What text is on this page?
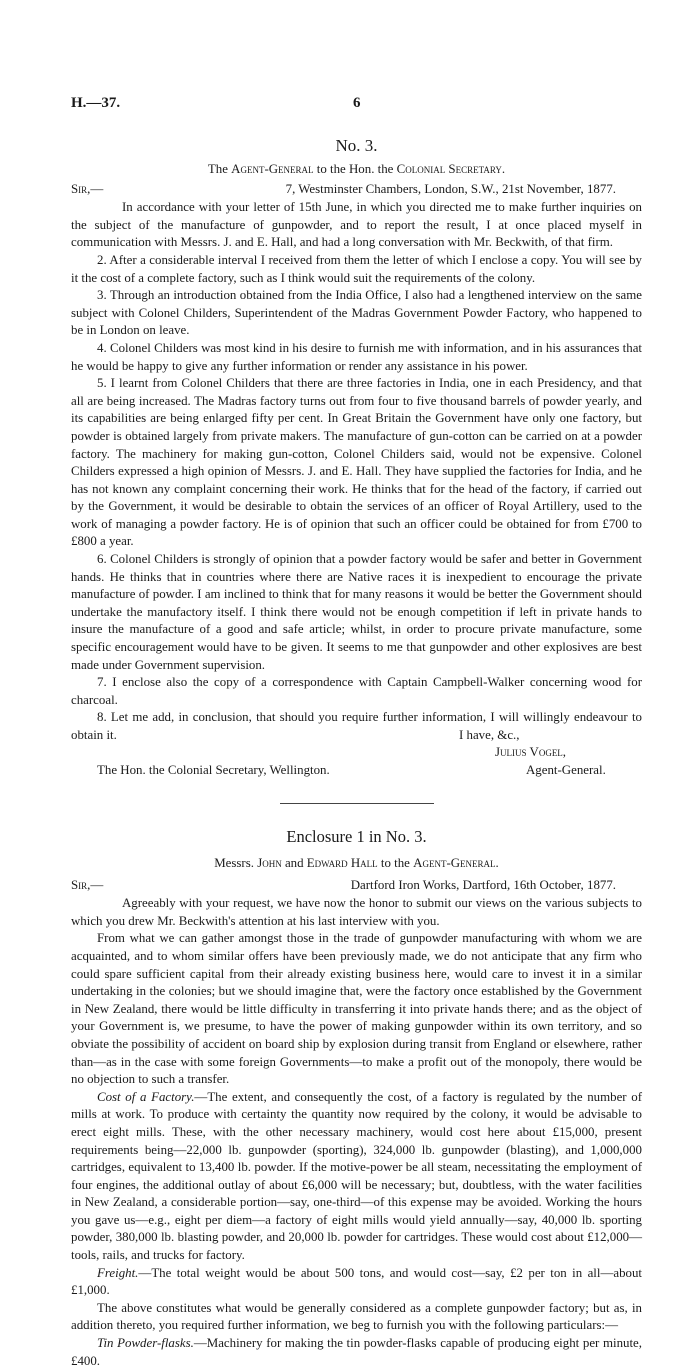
H.—37.	6
No. 3.
The Agent-General to the Hon. the Colonial Secretary.
Sir,—	7, Westminster Chambers, London, S.W., 21st November, 1877.

In accordance with your letter of 15th June, in which you directed me to make further inquiries on the subject of the manufacture of gunpowder, and to report the result, I at once placed myself in communication with Messrs. J. and E. Hall, and had a long conversation with Mr. Beckwith, of that firm.

2. After a considerable interval I received from them the letter of which I enclose a copy. You will see by it the cost of a complete factory, such as I think would suit the requirements of the colony.

3. Through an introduction obtained from the India Office, I also had a lengthened interview on the same subject with Colonel Childers, Superintendent of the Madras Government Powder Factory, who happened to be in London on leave.

4. Colonel Childers was most kind in his desire to furnish me with information, and in his assurances that he would be happy to give any further information or render any assistance in his power.

5. I learnt from Colonel Childers that there are three factories in India, one in each Presidency, and that all are being increased. The Madras factory turns out from four to five thousand barrels of powder yearly, and its capabilities are being enlarged fifty per cent. In Great Britain the Government have only one factory, but powder is obtained largely from private makers. The manufacture of gun-cotton can be carried on at a powder factory. The machinery for making gun-cotton, Colonel Childers said, would not be expensive. Colonel Childers expressed a high opinion of Messrs. J. and E. Hall. They have supplied the factories for India, and he has not known any complaint concerning their work. He thinks that for the head of the factory, if carried out by the Government, it would be desirable to obtain the services of an officer of Royal Artillery, used to the work of managing a powder factory. He is of opinion that such an officer could be obtained for from £700 to £800 a year.

6. Colonel Childers is strongly of opinion that a powder factory would be safer and better in Government hands. He thinks that in countries where there are Native races it is inexpedient to encourage the private manufacture of powder. I am inclined to think that for many reasons it would be better the Government should undertake the manufactory itself. I think there would not be enough competition if left in private hands to insure the manufacture of a good and safe article; whilst, in order to procure private manufacture, some specific encouragement would have to be given. It seems to me that gunpowder and other explosives are best made under Government supervision.

7. I enclose also the copy of a correspondence with Captain Campbell-Walker concerning wood for charcoal.

8. Let me add, in conclusion, that should you require further information, I will willingly endeavour to obtain it.	I have, &c.,
Julius Vogel,
Agent-General.
The Hon. the Colonial Secretary, Wellington.
Enclosure 1 in No. 3.
Messrs. John and Edward Hall to the Agent-General.
Sir,—	Dartford Iron Works, Dartford, 16th October, 1877.

Agreeably with your request, we have now the honor to submit our views on the various subjects to which you drew Mr. Beckwith's attention at his last interview with you.

From what we can gather amongst those in the trade of gunpowder manufacturing with whom we are acquainted, and to whom similar offers have been previously made, we do not anticipate that any firm who could spare sufficient capital from their already existing business here, would care to invest it in a similar undertaking in the colonies; but we should imagine that, were the factory once established by the Government in New Zealand, there would be little difficulty in transferring it into private hands there; and as the object of your Government is, we presume, to have the power of making gunpowder within its own territory, and so obviate the possibility of accident on board ship by explosion during transit from England or elsewhere, rather than—as in the case with some foreign Governments—to make a profit out of the monopoly, there would be no objection to such a transfer.

Cost of a Factory.—The extent, and consequently the cost, of a factory is regulated by the number of mills at work. To produce with certainty the quantity now required by the colony, it would be advisable to erect eight mills. These, with the other necessary machinery, would cost here about £15,000, present requirements being—22,000 lb. gunpowder (sporting), 324,000 lb. gunpowder (blasting), and 1,000,000 cartridges, equivalent to 13,400 lb. powder. If the motive-power be all steam, necessitating the employment of four engines, the additional outlay of about £6,000 will be necessary; but, doubtless, with the water facilities in New Zealand, a considerable portion—say, one-third—of this expense may be avoided. Working the hours you gave us—e.g., eight per diem—a factory of eight mills would yield annually—say, 40,000 lb. sporting powder, 380,000 lb. blasting powder, and 20,000 lb. powder for cartridges. These would cost about £12,000—tools, rails, and trucks for factory.

Freight.—The total weight would be about 500 tons, and would cost—say, £2 per ton in all—about £1,000.

The above constitutes what would be generally considered as a complete gunpowder factory; but as, in addition thereto, you required further information, we beg to furnish you with the following particulars:—

Tin Powder-flasks.—Machinery for making the tin powder-flasks capable of producing eight per minute, £400.
